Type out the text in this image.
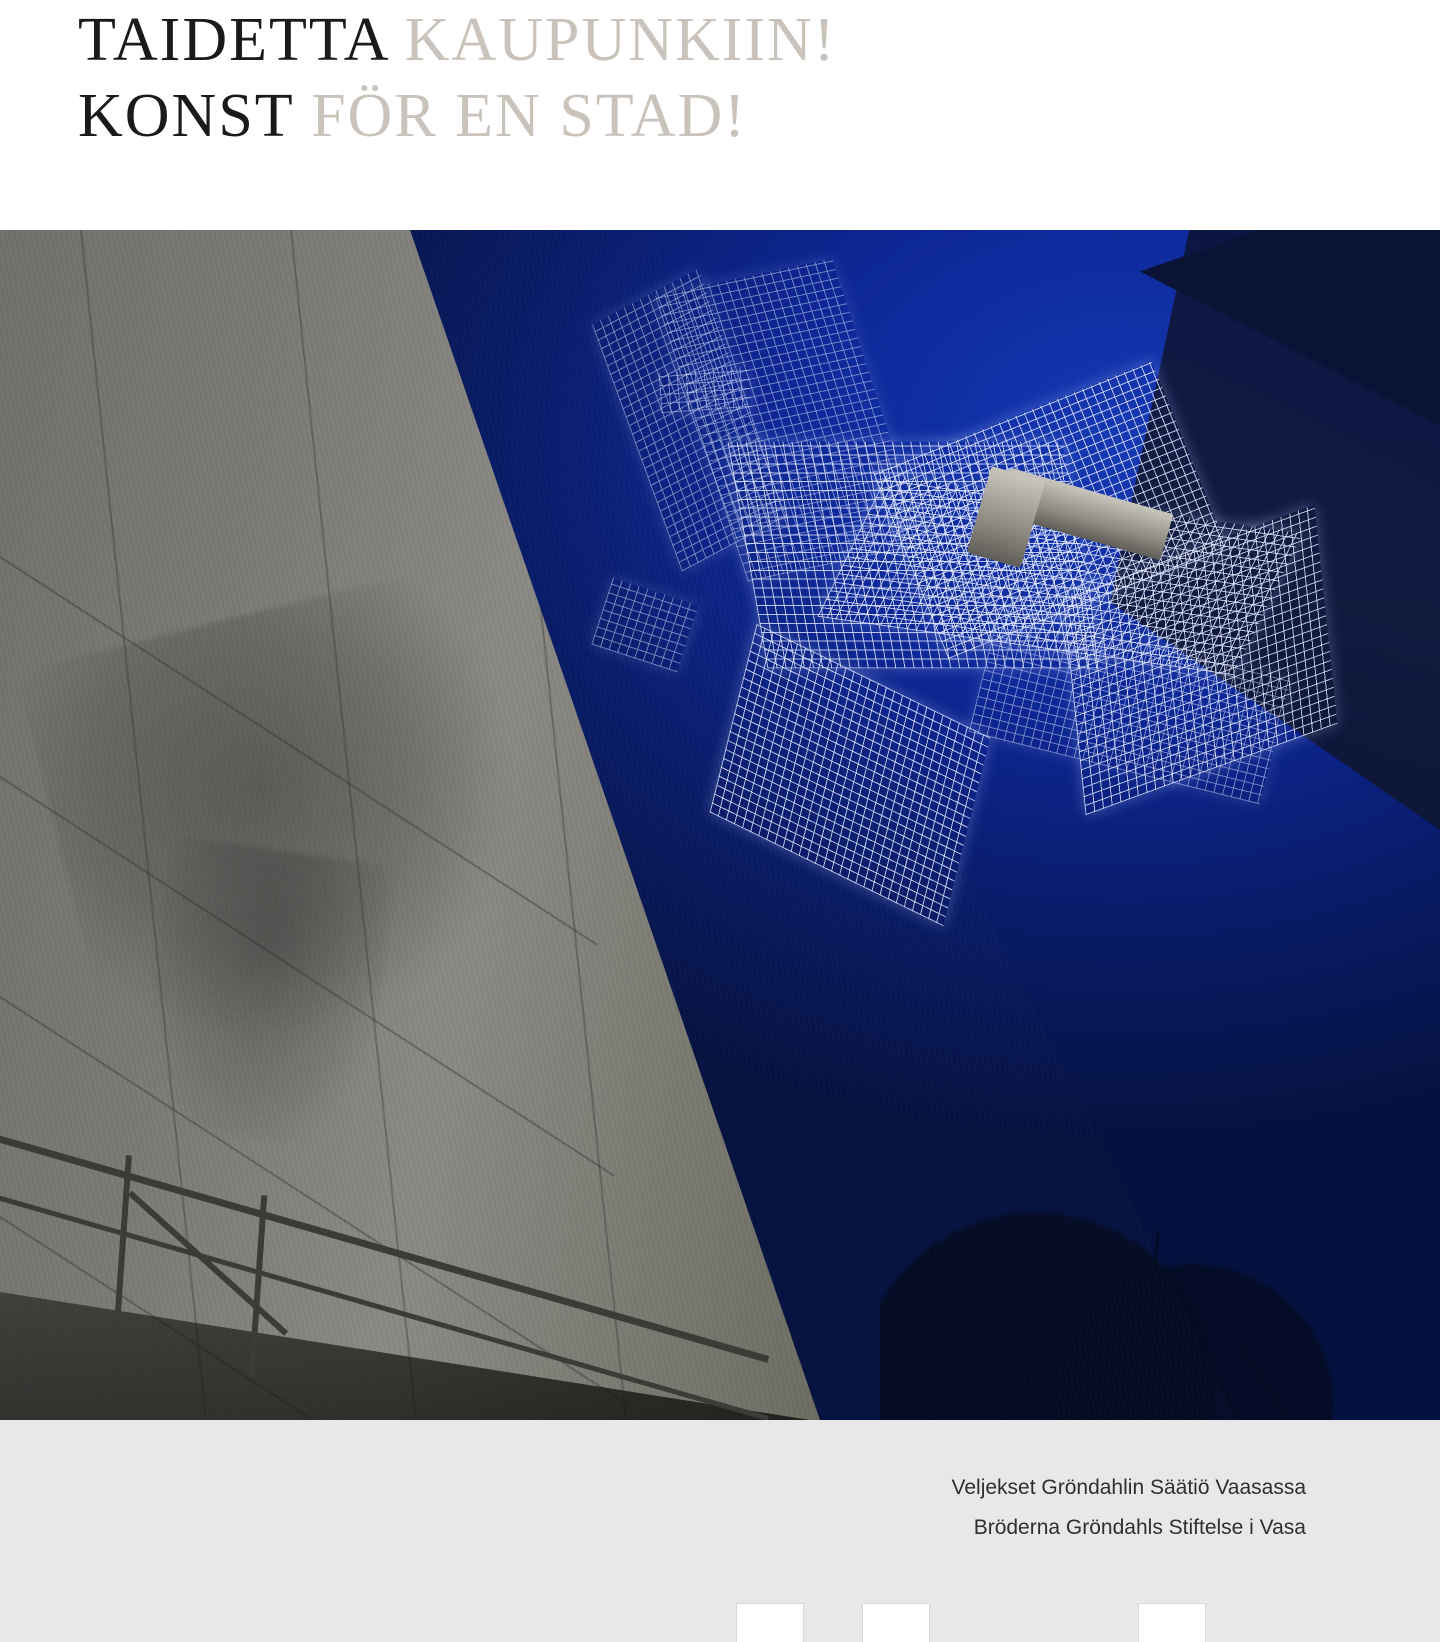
TAIDETTA KAUPUNKIIN!
KONST FÖR EN STAD!
Veljekset Gröndahlin Säätiö Vaasassa
Bröderna Gröndahls Stiftelse i Vasa
